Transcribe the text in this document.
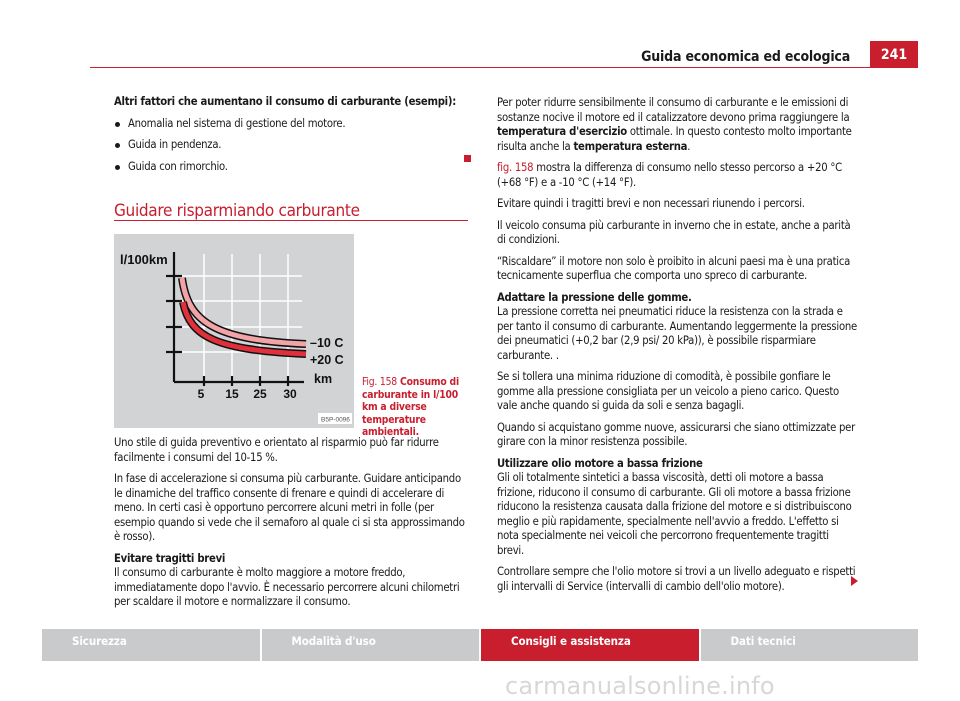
Guida economica ed ecologica	241

Altri fattori che aumentano il consumo di carburante (esempi):

Anomalia nel sistema di gestione del motore.
Guida in pendenza.
Guida con rimorchio.
Guidare risparmiando carburante
l/100km
–10 C
+20 C
km
5 15 25 30
B5P-0096
Fig. 158 Consumo di carburante in l/100 km a diverse temperature ambientali.

Uno stile di guida preventivo e orientato al risparmio può far ridurre facilmente i consumi del 10-15 %.

In fase di accelerazione si consuma più carburante. Guidare anticipando le dinamiche del traffico consente di frenare e quindi di accelerare di meno. In certi casi è opportuno percorrere alcuni metri in folle (per esempio quando si vede che il semaforo al quale ci si sta approssimando è rosso).

Evitare tragitti brevi

Il consumo di carburante è molto maggiore a motore freddo, immediatamente dopo l'avvio. È necessario percorrere alcuni chilometri per scaldare il motore e normalizzare il consumo.

Per poter ridurre sensibilmente il consumo di carburante e le emissioni di sostanze nocive il motore ed il catalizzatore devono prima raggiungere la temperatura d'esercizio ottimale. In questo contesto molto importante risulta anche la temperatura esterna.

fig. 158 mostra la differenza di consumo nello stesso percorso a +20 °C (+68 °F) e a -10 °C (+14 °F).

Evitare quindi i tragitti brevi e non necessari riunendo i percorsi.

Il veicolo consuma più carburante in inverno che in estate, anche a parità di condizioni.

“Riscaldare” il motore non solo è proibito in alcuni paesi ma è una pratica tecnicamente superflua che comporta uno spreco di carburante.

Adattare la pressione delle gomme.

La pressione corretta nei pneumatici riduce la resistenza con la strada e per tanto il consumo di carburante. Aumentando leggermente la pressione dei pneumatici (+0,2 bar (2,9 psi/ 20 kPa)), è possibile risparmiare carburante. .

Se si tollera una minima riduzione di comodità, è possibile gonfiare le gomme alla pressione consigliata per un veicolo a pieno carico. Questo vale anche quando si guida da soli e senza bagagli.

Quando si acquistano gomme nuove, assicurarsi che siano ottimizzate per girare con la minor resistenza possibile.

Utilizzare olio motore a bassa frizione

Gli oli totalmente sintetici a bassa viscosità, detti oli motore a bassa frizione, riducono il consumo di carburante. Gli oli motore a bassa frizione riducono la resistenza causata dalla frizione del motore e si distribuiscono meglio e più rapidamente, specialmente nell'avvio a freddo. L'effetto si nota specialmente nei veicoli che percorrono frequentemente tragitti brevi.

Controllare sempre che l'olio motore si trovi a un livello adeguato e rispetti gli intervalli di Service (intervalli di cambio dell'olio motore).

Sicurezza	Modalità d'uso	Consigli e assistenza	Dati tecnici
carmanualsonline.info
